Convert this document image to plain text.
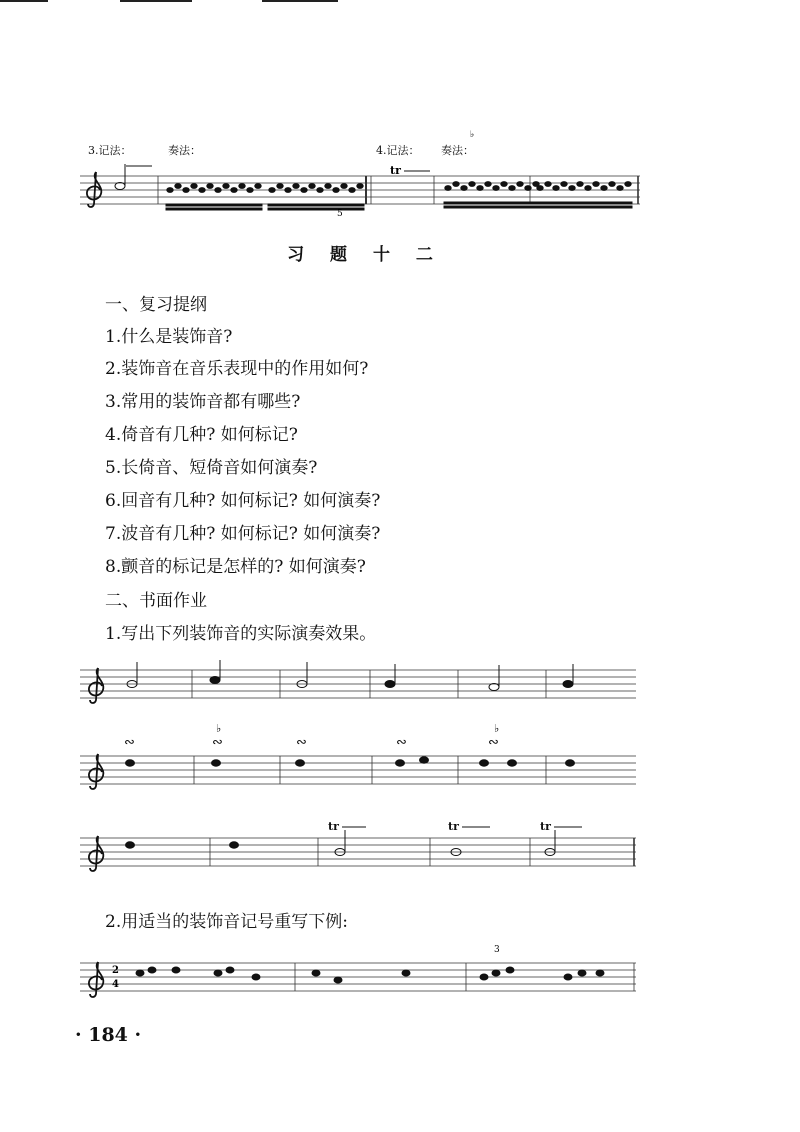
3.记法：	奏法：	4.记法： 奏法：
5
tr
♭
∾	∾	∾	∾	∾
♭	♭
tr	tr	tr
2
4
3
习 题 十 二
一、复习提纲
1.什么是装饰音?
2.装饰音在音乐表现中的作用如何?
3.常用的装饰音都有哪些?
4.倚音有几种? 如何标记?
5.长倚音、短倚音如何演奏?
6.回音有几种? 如何标记? 如何演奏?
7.波音有几种? 如何标记? 如何演奏?
8.颤音的标记是怎样的? 如何演奏?
二、书面作业
1.写出下列装饰音的实际演奏效果。
2.用适当的装饰音记号重写下例:
· 184 ·
